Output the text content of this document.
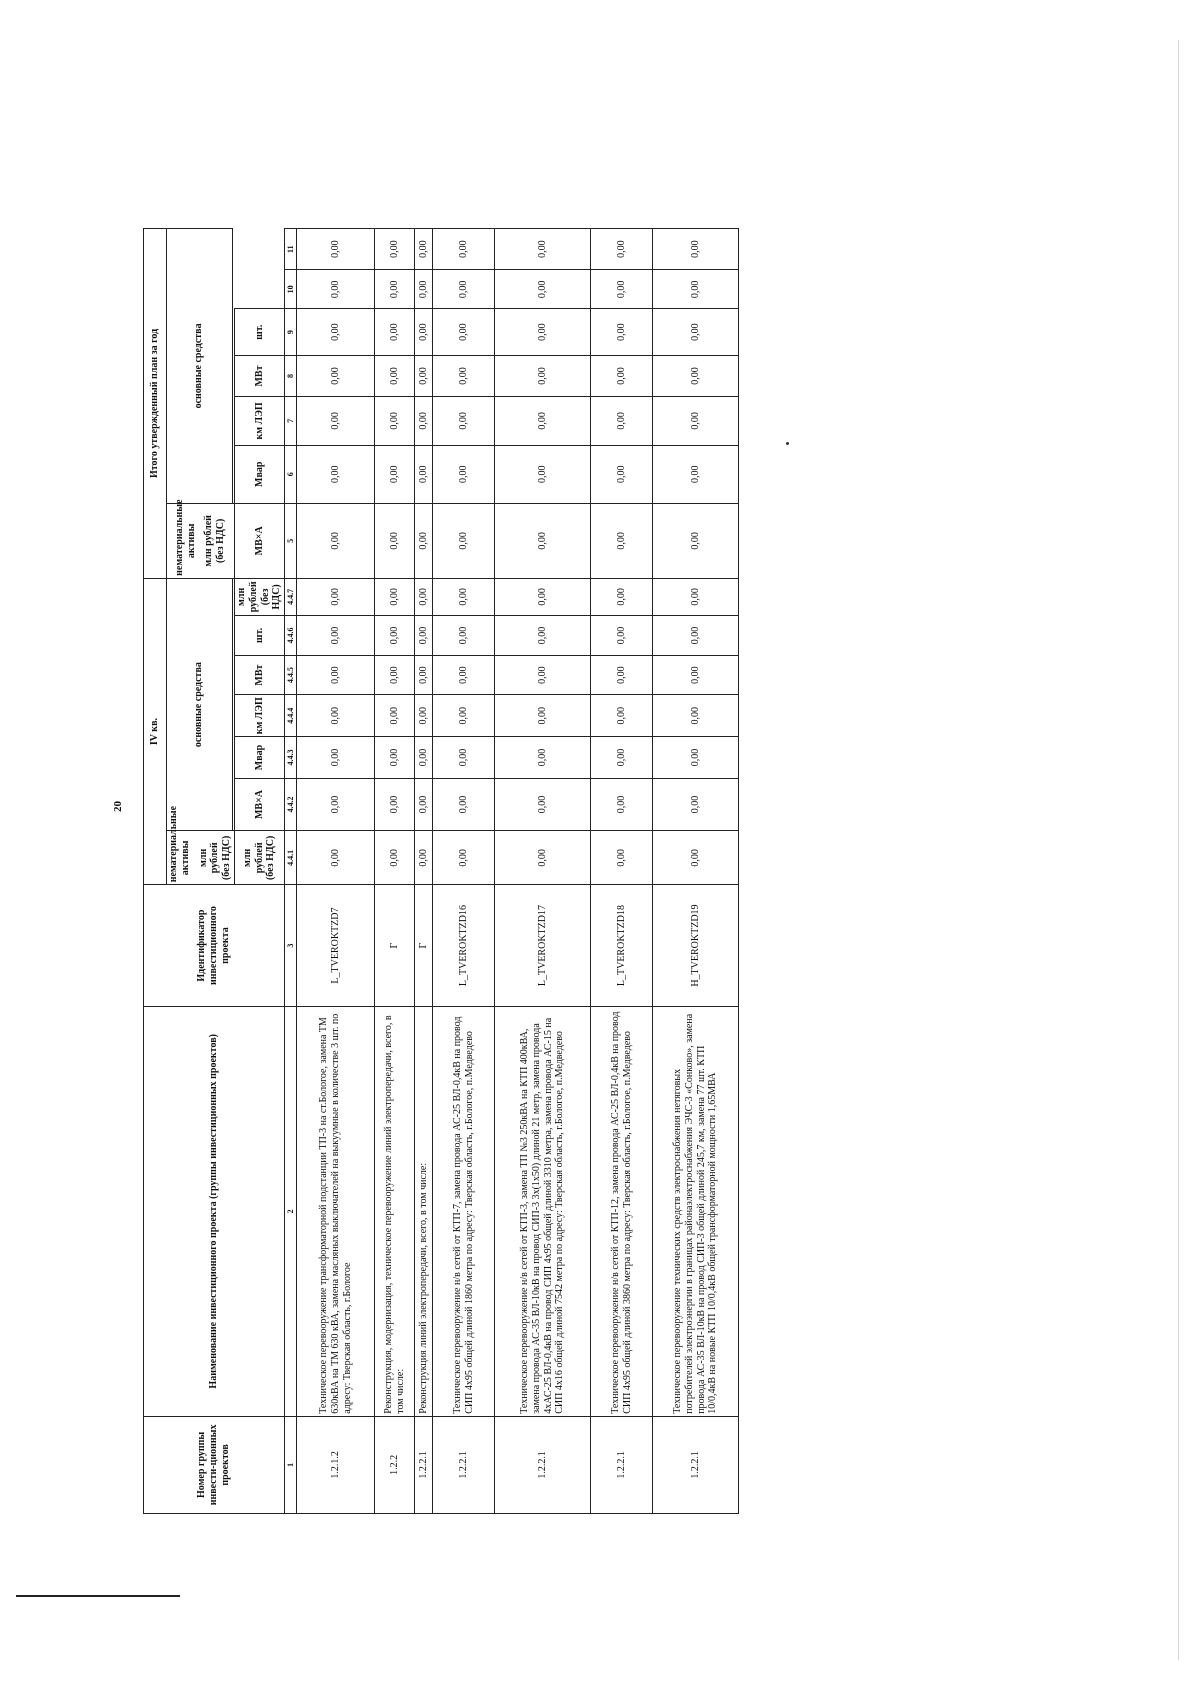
20
Номер группы инвести-ционных проектов	Наименование инвестиционного проекта (группы инвестиционных проектов)	Идентификатор инвестиционного проекта	IV кв.							Итого утвержденный план за год						
			нематериальные активы млн рублей (без НДС)	основные средства						нематериальные активы млн рублей (без НДС)	основные средства					

			млн рублей (без НДС)	МВ×А	Мвар	км ЛЭП	МВт	шт.	млн рублей (без НДС)	МВ×А	Мвар	км ЛЭП	МВт	шт.		
1	2	3	4.4.1	4.4.2	4.4.3	4.4.4	4.4.5	4.4.6	4.4.7	5	6	7	8	9	10	11
1.2.1.2	Техническое перевооружение трансформаторной подстанции ТП-3 на ст.Бологое, замена ТМ 630кВА на ТМ 630 кВА, замена масляных выключателей на выкуумные в количестве 3 шт. по адресу: Тверская область, г.Бологое	L_TVEROKTZD7	0,00	0,00	0,00	0,00	0,00	0,00	0,00	0,00	0,00	0,00	0,00	0,00	0,00	0,00
1.2.2	Реконструкция, модернизация, техническое перевооружение линий электропередачи, всего, в том числе:	Г	0,00	0,00	0,00	0,00	0,00	0,00	0,00	0,00	0,00	0,00	0,00	0,00	0,00	0,00
1.2.2.1	Реконструкция линий электропередачи, всего, в том числе:	Г	0,00	0,00	0,00	0,00	0,00	0,00	0,00	0,00	0,00	0,00	0,00	0,00	0,00	0,00
1.2.2.1	Техническое перевооружение н/в сетей от КТП-7, замена провода АС-25 ВЛ-0,4кВ на провод СИП 4х95 общей длиной 1860 метра по адресу: Тверская область, г.Бологое, п.Медведево	L_TVEROKTZD16	0,00	0,00	0,00	0,00	0,00	0,00	0,00	0,00	0,00	0,00	0,00	0,00	0,00	0,00
1.2.2.1	Техническое перевооружение н/в сетей от КТП-3, замена ТП №3 250кВА на КТП 400кВА, замена провода АС-35 ВЛ-10кВ на провод СИП-3 3х(1х50) длиной 21 метр, замена провода 4хАС-25 ВЛ-0,4кВ на провод СИП 4х95 общей длиной 3310 метра, замена провода АС-15 на СИП 4х16 общей длиной 7542 метра по адресу: Тверская область, г.Бологое, п.Медведево	L_TVEROKTZD17	0,00	0,00	0,00	0,00	0,00	0,00	0,00	0,00	0,00	0,00	0,00	0,00	0,00	0,00
1.2.2.1	Техническое перевооружение н/в сетей от КТП-12, замена провода АС-25 ВЛ-0,4кВ на провод СИП 4х95 общей длиной 3860 метра по адресу: Тверская область, г.Бологое, п.Медведево	L_TVEROKTZD18	0,00	0,00	0,00	0,00	0,00	0,00	0,00	0,00	0,00	0,00	0,00	0,00	0,00	0,00
1.2.2.1	Техническое перевооружение технических средств электроснабжения нетяговых потребителей электроэнергии в границах районаэлектроснабжения ЭЧС-3 «Сонково», замена провода АС-35 ВЛ-10кВ на провод СИП-3 общей длиной 245,7 км, замена 77 шт. КТП 10/0,4кВ на новые КТП 10/0,4кВ общей трансформаторной мощности 1,65МВА	H_TVEROKTZD19	0,00	0,00	0,00	0,00	0,00	0,00	0,00	0,00	0,00	0,00	0,00	0,00	0,00	0,00
